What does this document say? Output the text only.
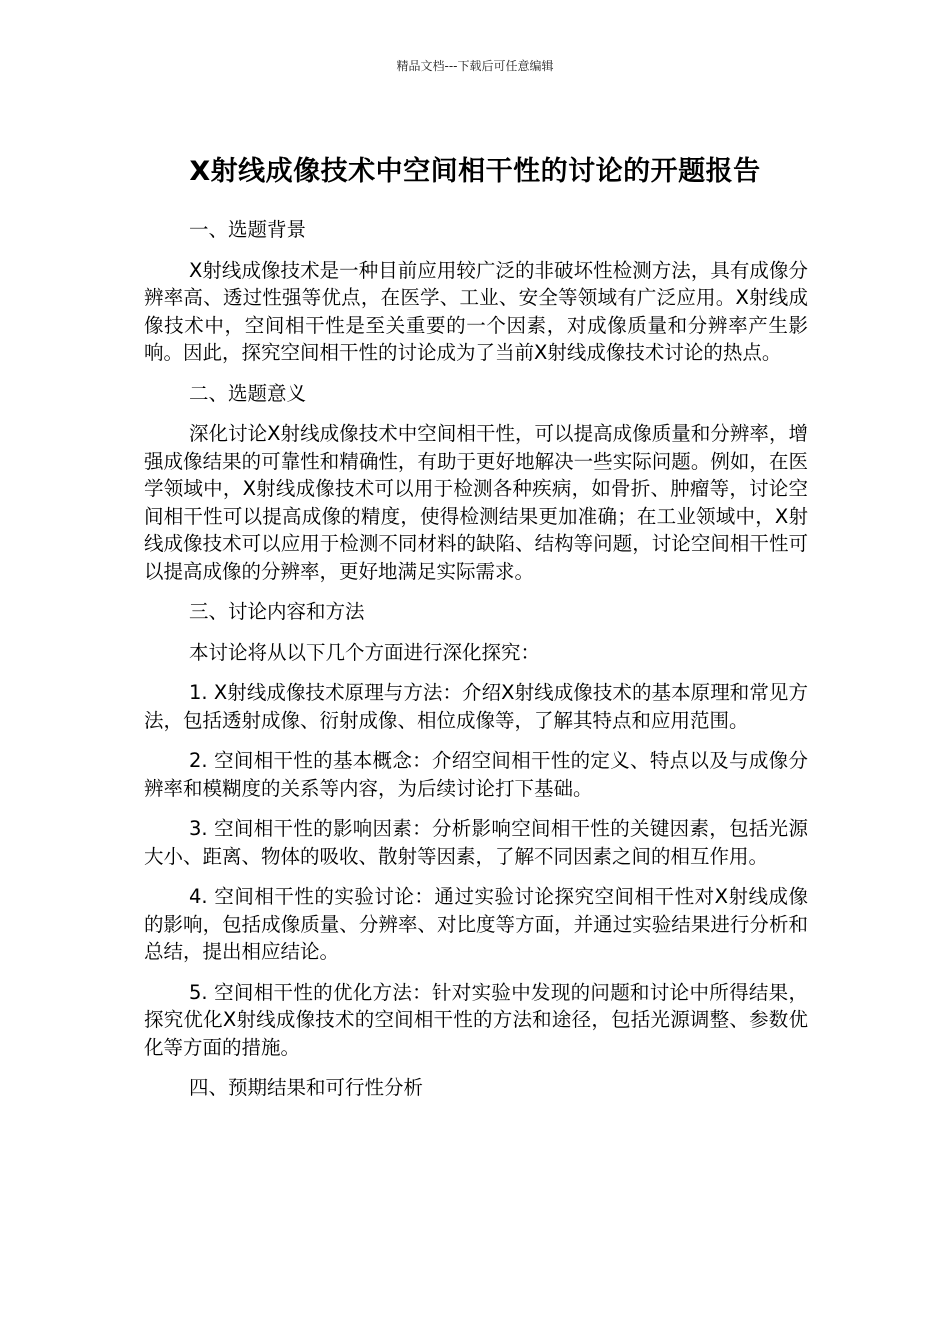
精品文档---下载后可任意编辑
X射线成像技术中空间相干性的讨论的开题报告

一、选题背景

X射线成像技术是一种目前应用较广泛的非破坏性检测方法，具有成像分辨率高、透过性强等优点，在医学、工业、安全等领域有广泛应用。X射线成像技术中，空间相干性是至关重要的一个因素，对成像质量和分辨率产生影响。因此，探究空间相干性的讨论成为了当前X射线成像技术讨论的热点。

二、选题意义

深化讨论X射线成像技术中空间相干性，可以提高成像质量和分辨率，增强成像结果的可靠性和精确性，有助于更好地解决一些实际问题。例如，在医学领域中，X射线成像技术可以用于检测各种疾病，如骨折、肿瘤等，讨论空间相干性可以提高成像的精度，使得检测结果更加准确；在工业领域中，X射线成像技术可以应用于检测不同材料的缺陷、结构等问题，讨论空间相干性可以提高成像的分辨率，更好地满足实际需求。

三、讨论内容和方法

本讨论将从以下几个方面进行深化探究：

1. X射线成像技术原理与方法：介绍X射线成像技术的基本原理和常见方法，包括透射成像、衍射成像、相位成像等，了解其特点和应用范围。

2. 空间相干性的基本概念：介绍空间相干性的定义、特点以及与成像分辨率和模糊度的关系等内容，为后续讨论打下基础。

3. 空间相干性的影响因素：分析影响空间相干性的关键因素，包括光源大小、距离、物体的吸收、散射等因素，了解不同因素之间的相互作用。

4. 空间相干性的实验讨论：通过实验讨论探究空间相干性对X射线成像的影响，包括成像质量、分辨率、对比度等方面，并通过实验结果进行分析和总结，提出相应结论。

5. 空间相干性的优化方法：针对实验中发现的问题和讨论中所得结果，探究优化X射线成像技术的空间相干性的方法和途径，包括光源调整、参数优化等方面的措施。

四、预期结果和可行性分析
